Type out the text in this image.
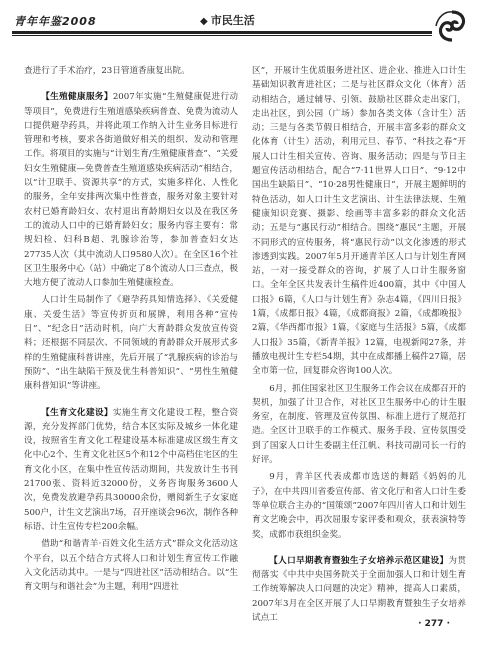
青年年鉴2008	◆ 市民生活

查进行了手术治疗，23日管道香康复出院。

【生殖健康服务】2007年实施“生殖健康促进行动等项目”，免费进行生殖道感染疾病普查、免费为流动人口提供避孕药具，并将此项工作纳入计生业务目标进行管理和考核，要求各街道做好相关的组织、发动和管理工作。将项目的实施与“计划生育/生殖健康普查”、“关爱妇女生殖健康—免费普查生殖道感染疾病活动”相结合，以“计卫联手、资源共享”的方式，实施多样化、人性化的服务，全年安排两次集中性普查，服务对象主要针对农村已婚育龄妇女、农村退出育龄期妇女以及在我区务工的流动人口中的已婚育龄妇女；服务内容主要有：常规妇检、妇科B超、乳腺诊治等，参加普查妇女达27735人次（其中流动人口9580人次）。在全区16个社区卫生服务中心（站）中确定了8个流动人口三查点，极大地方便了流动人口参加生殖健康检查。

人口计生局制作了《避孕药具知情选择》、《关爱健康、关爱生活》等宣传折页和展牌，利用各种“宣传日”、“纪念日”活动时机，向广大育龄群众发放宣传资料；还根据不同层次、不同领域的育龄群众开展形式多样的生殖健康科普讲座，先后开展了“乳腺疾病的诊治与预防”、“出生缺陷干预及优生科普知识”、“男性生殖健康科普知识”等讲座。

【生育文化建设】实施生育文化建设工程，整合资源，充分发挥部门优势，结合本区实际及城乡一体化建设，按照省生育文化工程建设基本标准建成区级生育文化中心2个、生育文化社区5个和12个中高档住宅区的生育文化小区，在集中性宣传活动期间，共发放计生书刊21700张、资料近32000份，义务咨询服务3600人次，免费发放避孕药具30000余份，赠阅新生子女家庭500户，计生文艺演出7场，召开座谈会96次，制作各种标语、计生宣传专栏200余幅。

借助“和谐青羊·百姓文化生活方式”群众文化活动这个平台，以五个结合方式将人口和计划生育宣传工作融入文化活动其中。一是与“四进社区”活动相结合。以“生育文明与和谐社会”为主题，利用“四进社

区”，开展计生优质服务进社区、进企业、推进入口计生基础知识教育进社区；二是与社区群众文化（体育）活动相结合，通过辅导、引领、鼓励社区群众走出家门，走出社区，到公园（广场）参加各类文体（含计生）活动；三是与各类节假日相结合，开展丰富多彩的群众文化体育（计生）活动，利用元旦、春节、“科技之春”开展人口计生相关宣传、咨询、服务活动；四是与节日主题宣传活动相结合，配合“7·11世界人口日”、“9·12中国出生缺陷日”、“10·28男性健康日”，开展主题鲜明的特色活动，如人口计生文艺演出、计生法律法规、生殖健康知识竞赛、摄影、绘画等丰富多彩的群众文化活动；五是与“惠民行动”相结合。围绕“惠民”主题，开展不同形式的宣传服务，将“惠民行动”以文化渗透的形式渗透到实践。2007年5月开通青羊区人口与计划生育网站，一对一接受群众的咨询，扩展了人口计生服务窗口。全年全区共发表计生稿件近400篇，其中《中国人口报》6篇，《人口与计划生育》杂志4篇，《四川日报》1篇，《成都日报》4篇，《成都商报》2篇，《成都晚报》2篇，《华西都市报》1篇，《家庭与生活报》5篇，《成都人口报》35篇，《新青羊报》12篇，电视新闻27条，并播放电视计生专栏54期，其中在成都播上稿件27篇，居全市第一位，回复群众咨询100人次。

6月，抓住国家社区卫生服务工作会议在成都召开的契机，加强了计卫合作，对社区卫生服务中心的计生服务室，在制度、管理及宣传氛围、标准上进行了规范打造。全区计卫联手的工作模式、服务手段、宣传氛围受到了国家人口计生委副主任江帆、科技司副司长一行的好评。

9月，青羊区代表成都市选送的舞蹈《妈妈的儿子》，在中共四川省委宣传部、省文化厅和省人口计生委等单位联合主办的“国策颂”2007年四川省人口和计划生育文艺晚会中，再次屈服专家评委和观众，获表演特等奖，成都市获组织金奖。

【人口早期教育暨独生子女培养示范区建设】为贯彻落实《中共中央国务院关于全面加强人口和计划生育工作统筹解决人口问题的决定》精神，提高人口素质，2007年3月在全区开展了人口早期教育暨独生子女培养试点工

· 277 ·
